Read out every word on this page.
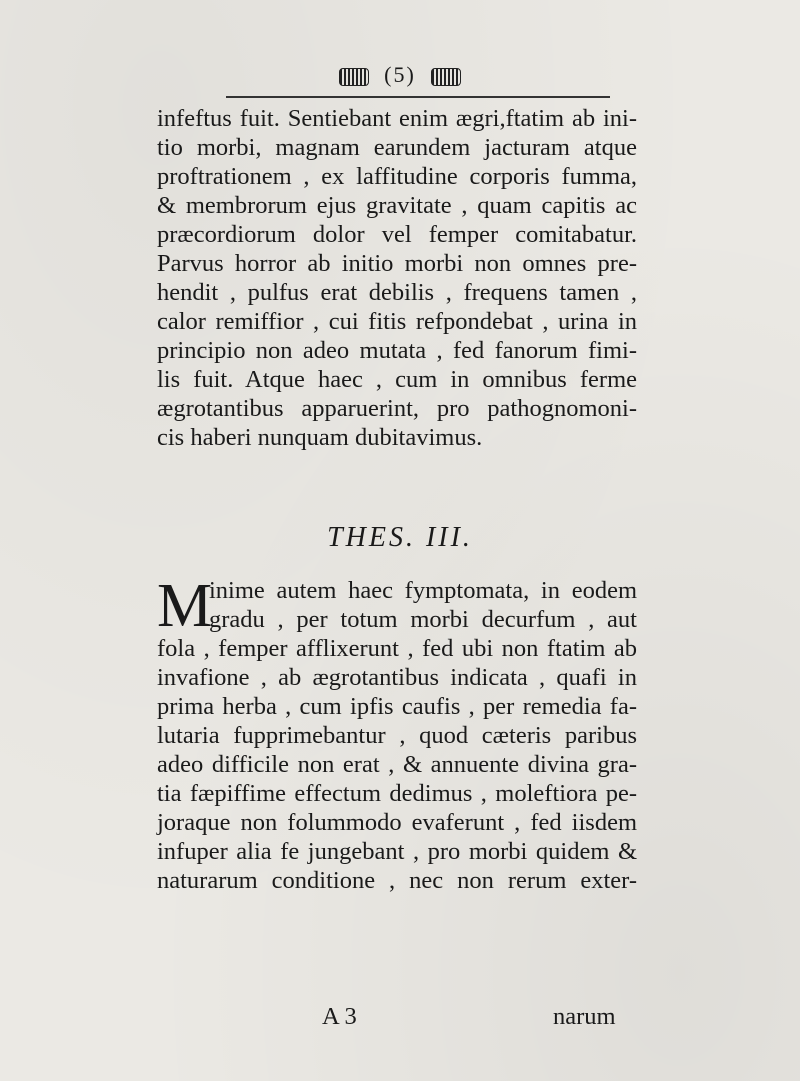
(5)
infeftus fuit. Sentiebant enim ægri,ftatim ab ini-
tio morbi, magnam earundem jacturam atque
proftrationem , ex laffitudine corporis fumma,
& membrorum ejus gravitate , quam capitis ac
præcordiorum dolor vel femper comitabatur.
Parvus horror ab initio morbi non omnes pre-
hendit , pulfus erat debilis , frequens tamen ,
calor remiffior , cui fitis refpondebat , urina in
principio non adeo mutata , fed fanorum fimi-
lis fuit. Atque haec , cum in omnibus ferme
ægrotantibus apparuerint, pro pathognomoni-
cis haberi nunquam dubitavimus.
THES. III.
M
inime autem haec fymptomata, in eodem
gradu , per totum morbi decurfum , aut
fola , femper afflixerunt , fed ubi non ftatim ab
invafione , ab ægrotantibus indicata , quafi in
prima herba , cum ipfis caufis , per remedia fa-
lutaria fupprimebantur , quod cæteris paribus
adeo difficile non erat , & annuente divina gra-
tia fæpiffime effectum dedimus , moleftiora pe-
joraque non folummodo evaferunt , fed iisdem
infuper alia fe jungebant , pro morbi quidem &
naturarum conditione , nec non rerum exter-
A 3	narum
